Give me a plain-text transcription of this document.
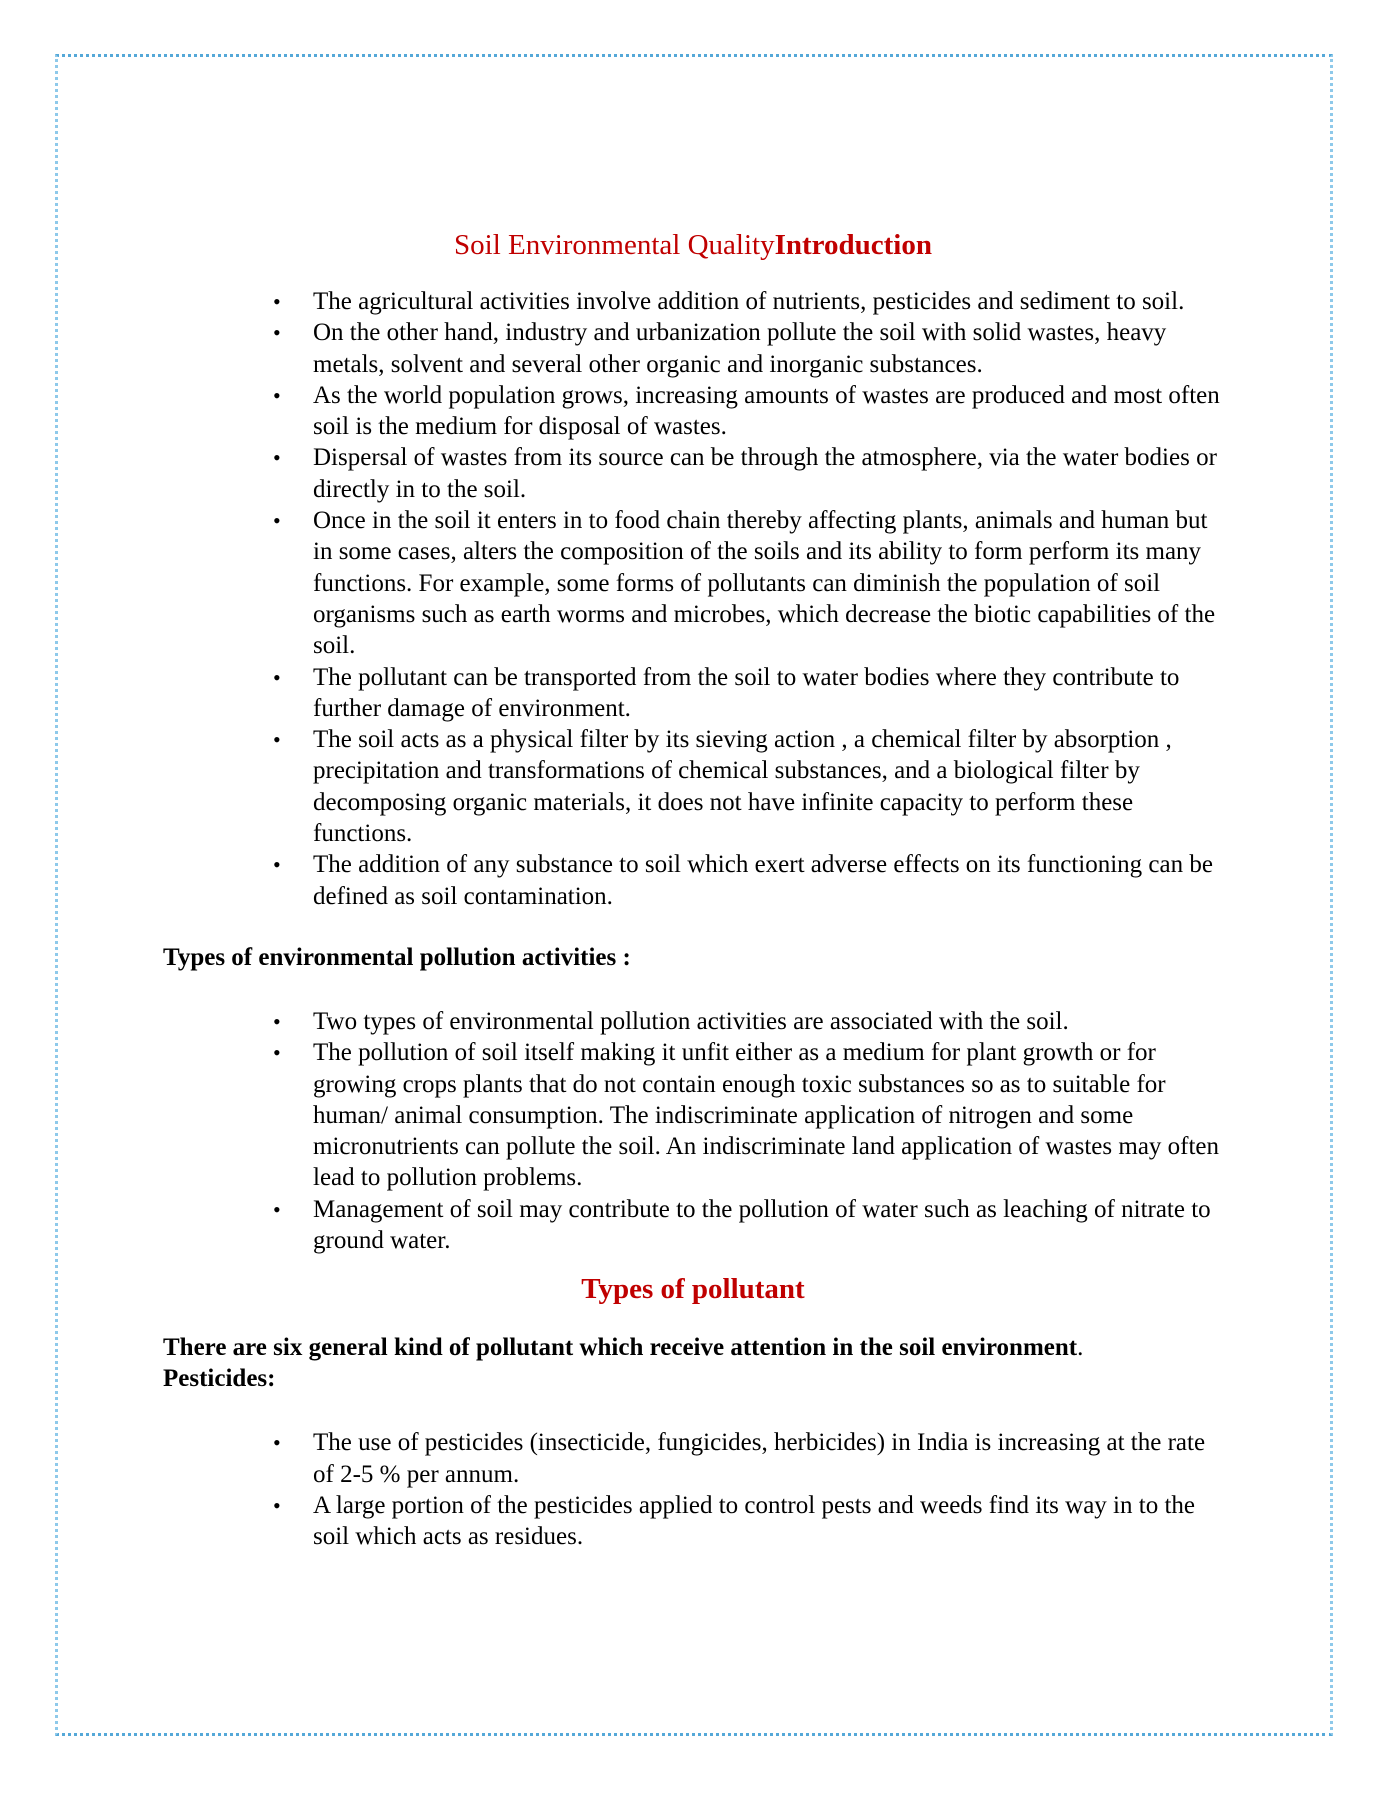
Soil Environmental QualityIntroduction
• The agricultural activities involve addition of nutrients, pesticides and sediment to soil.
• On the other hand, industry and urbanization pollute the soil with solid wastes, heavy metals, solvent and several other organic and inorganic substances.
• As the world population grows, increasing amounts of wastes are produced and most often soil is the medium for disposal of wastes.
• Dispersal of wastes from its source can be through the atmosphere, via the water bodies or directly in to the soil.
• Once in the soil it enters in to food chain thereby affecting plants, animals and human but in some cases, alters the composition of the soils and its ability to form perform its many functions. For example, some forms of pollutants can diminish the population of soil organisms such as earth worms and microbes, which decrease the biotic capabilities of the soil.
• The pollutant can be transported from the soil to water bodies where they contribute to further damage of environment.
• The soil acts as a physical filter by its sieving action , a chemical filter by absorption , precipitation and transformations of chemical substances, and a biological filter by decomposing organic materials, it does not have infinite capacity to perform these functions.
• The addition of any substance to soil which exert adverse effects on its functioning can be defined as soil contamination.
Types of environmental pollution activities :
• Two types of environmental pollution activities are associated with the soil.
• The pollution of soil itself making it unfit either as a medium for plant growth or for growing crops plants that do not contain enough toxic substances so as to suitable for human/ animal consumption. The indiscriminate application of nitrogen and some micronutrients can pollute the soil. An indiscriminate land application of wastes may often lead to pollution problems.
• Management of soil may contribute to the pollution of water such as leaching of nitrate to ground water.
Types of pollutant
There are six general kind of pollutant which receive attention in the soil environment.
Pesticides:
• The use of pesticides (insecticide, fungicides, herbicides) in India is increasing at the rate of 2-5 % per annum.
• A large portion of the pesticides applied to control pests and weeds find its way in to the soil which acts as residues.
